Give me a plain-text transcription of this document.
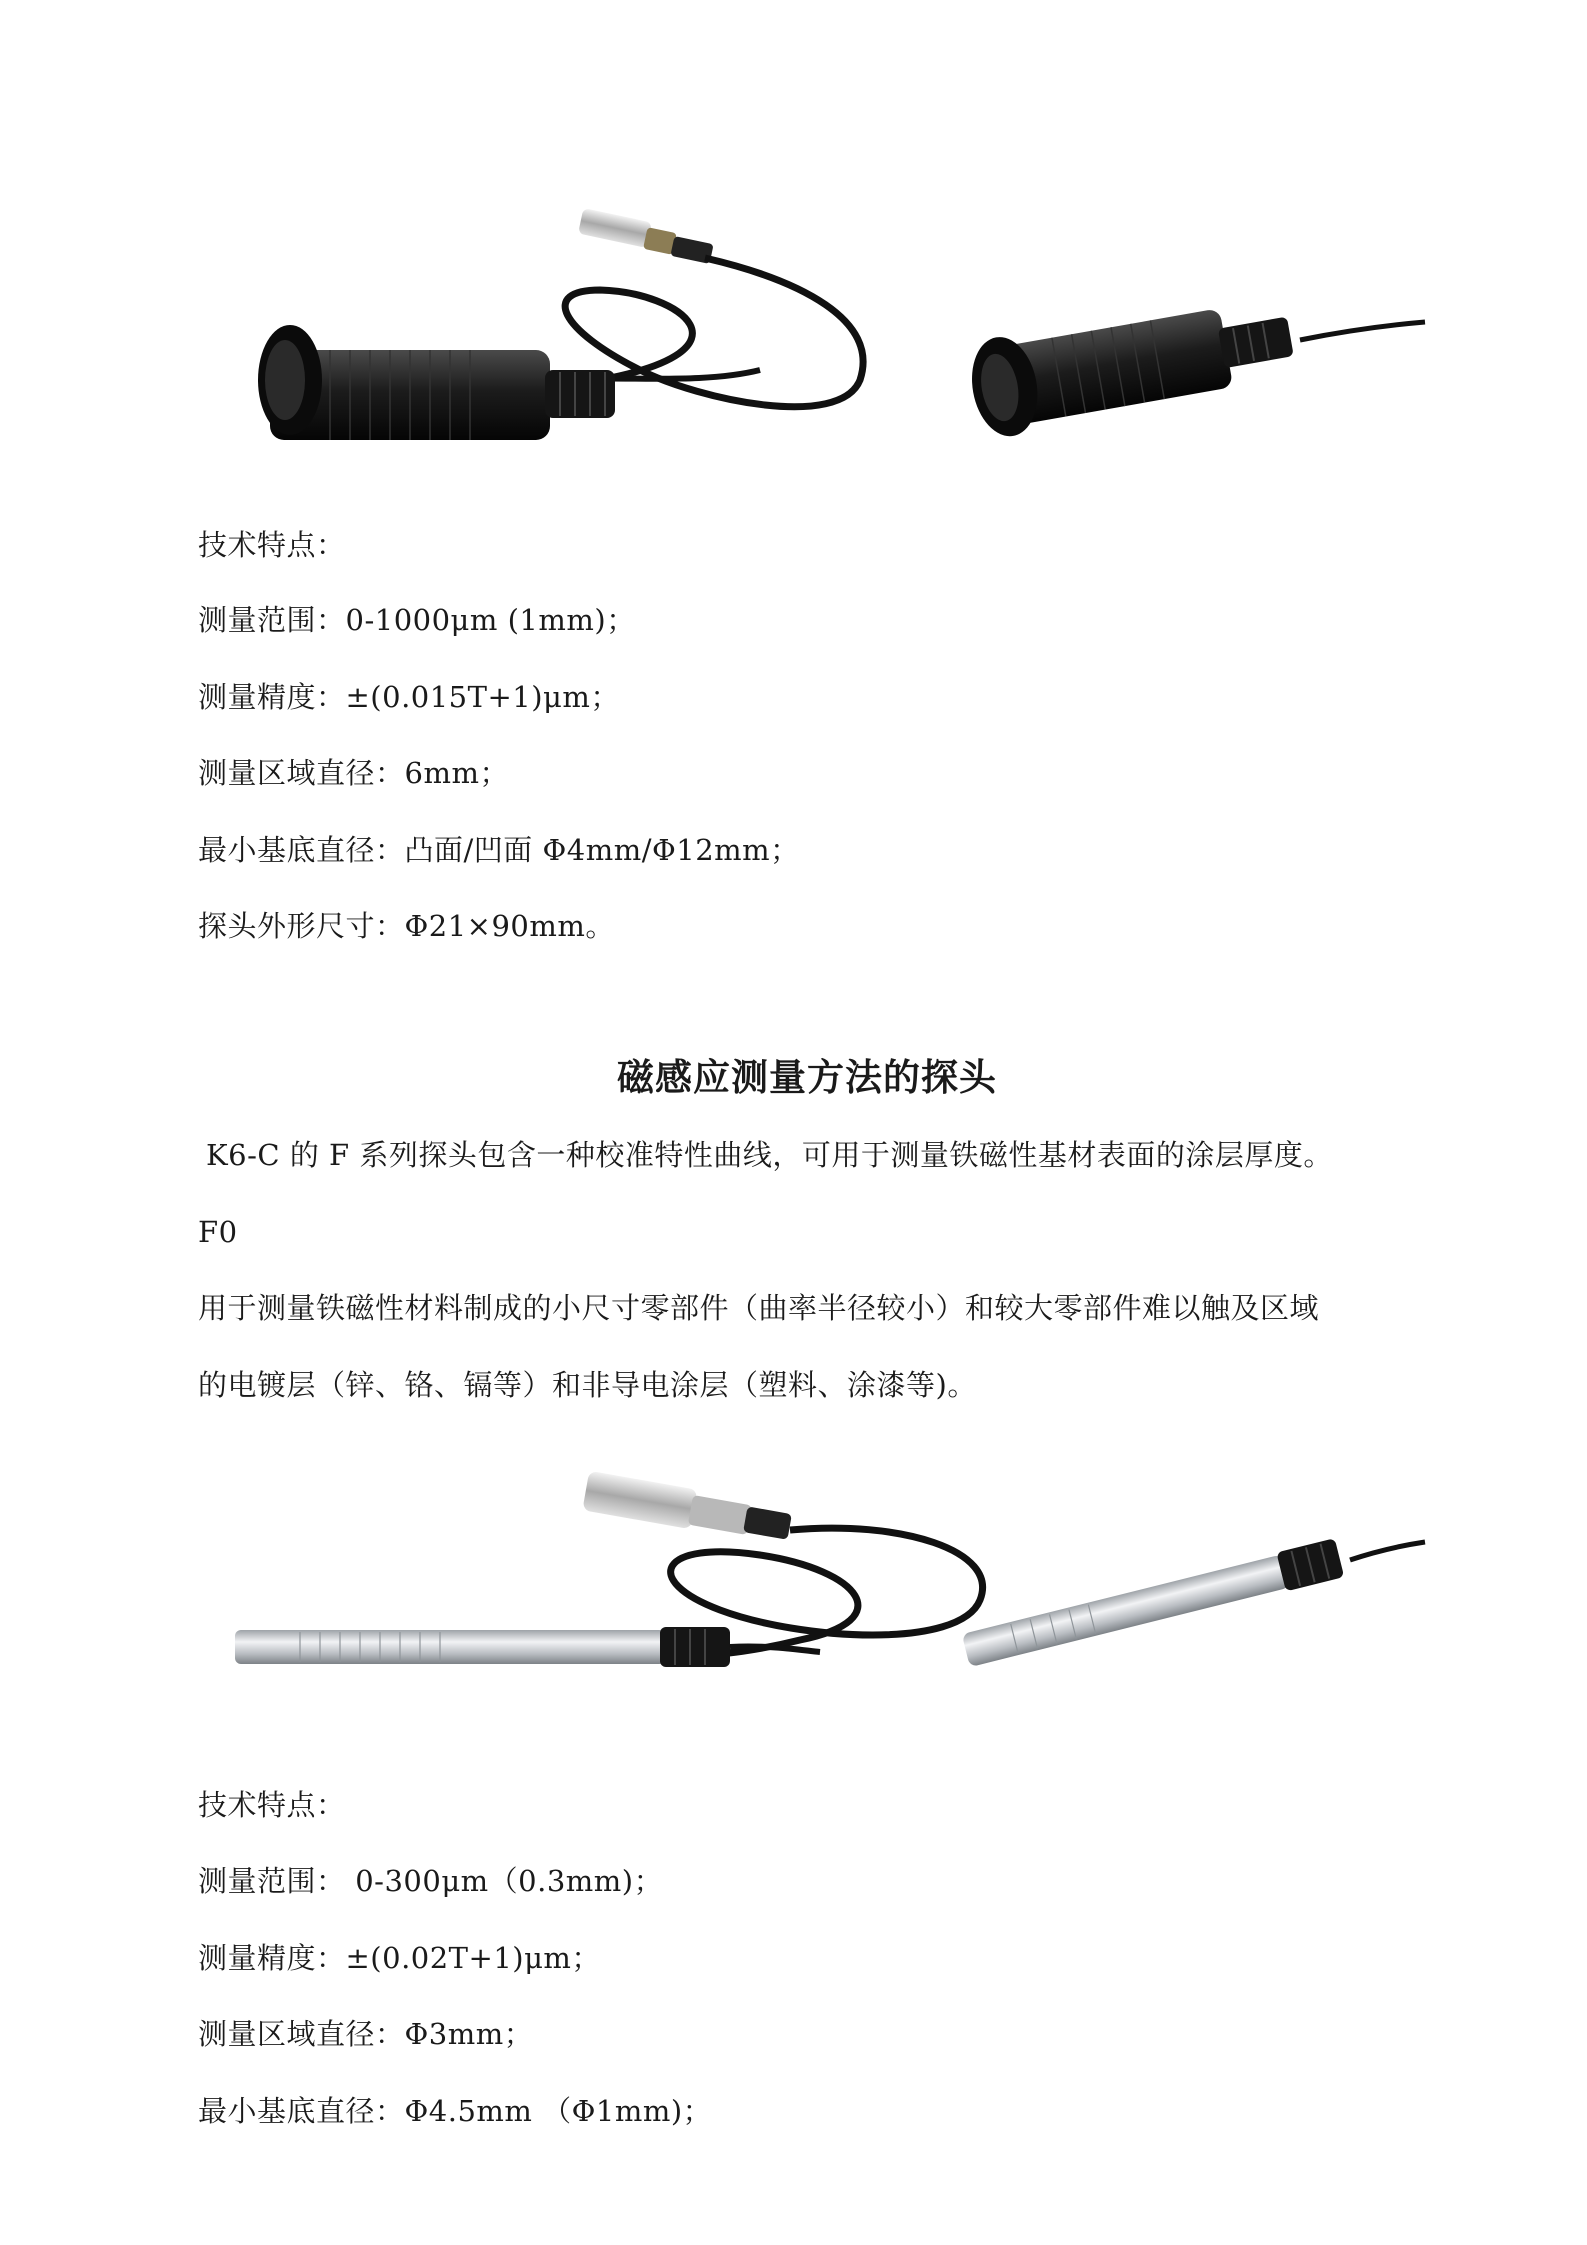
技术特点：
测量范围：0-1000μm (1mm)；
测量精度：±(0.015T+1)μm；
测量区域直径：6mm；
最小基底直径：凸面/凹面 Φ4mm/Φ12mm；
探头外形尺寸：Φ21×90mm。
磁感应测量方法的探头
K6-C 的 F 系列探头包含一种校准特性曲线，可用于测量铁磁性基材表面的涂层厚度。
F0
用于测量铁磁性材料制成的小尺寸零部件（曲率半径较小）和较大零部件难以触及区域
的电镀层（锌、铬、镉等）和非导电涂层（塑料、涂漆等)。
技术特点：
测量范围： 0-300μm（0.3mm)；
测量精度：±(0.02T+1)μm；
测量区域直径：Φ3mm；
最小基底直径：Φ4.5mm （Φ1mm)；
